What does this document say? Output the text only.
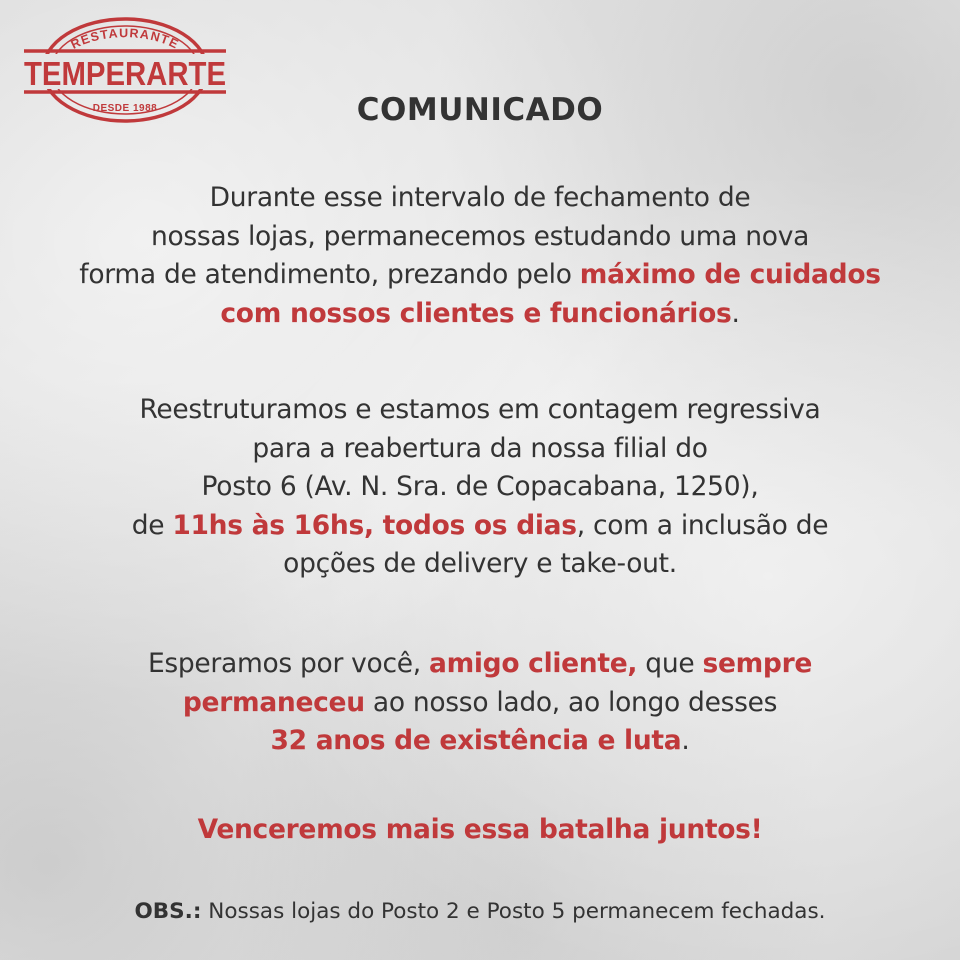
RESTAURANTE
TEMPERARTE
DESDE 1988	COMUNICADO
Durante esse intervalo de fechamento de
nossas lojas, permanecemos estudando uma nova
forma de atendimento, prezando pelo máximo de cuidados
com nossos clientes e funcionários.
Reestruturamos e estamos em contagem regressiva
para a reabertura da nossa filial do
Posto 6 (Av. N. Sra. de Copacabana, 1250),
de 11hs às 16hs, todos os dias, com a inclusão de
opções de delivery e take-out.
Esperamos por você, amigo cliente, que sempre
permaneceu ao nosso lado, ao longo desses
32 anos de existência e luta.
Venceremos mais essa batalha juntos!
OBS.: Nossas lojas do Posto 2 e Posto 5 permanecem fechadas.
